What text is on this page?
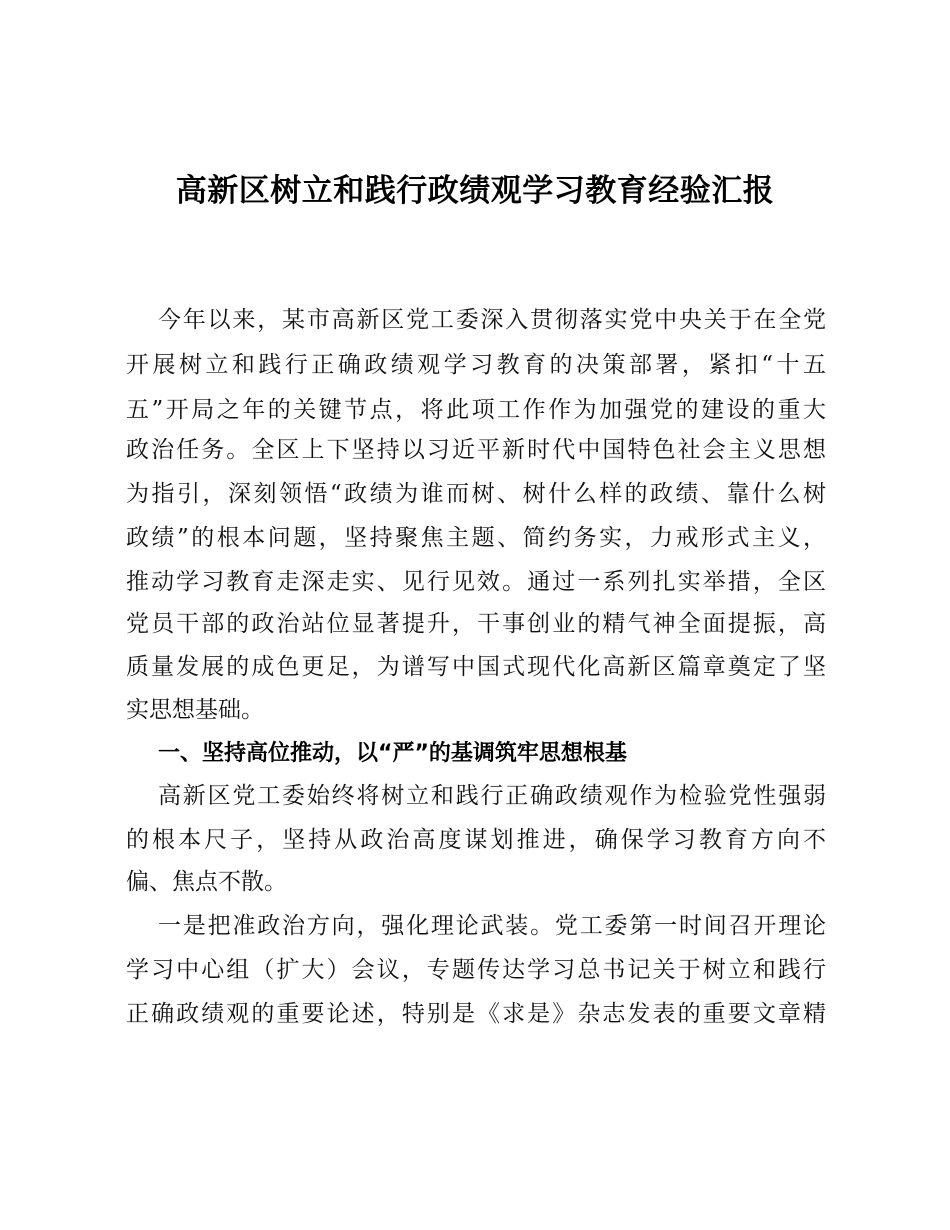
高新区树立和践行政绩观学习教育经验汇报
今年以来，某市高新区党工委深入贯彻落实党中央关于在全党
开展树立和践行正确政绩观学习教育的决策部署，紧扣“十五
五”开局之年的关键节点，将此项工作作为加强党的建设的重大
政治任务。全区上下坚持以习近平新时代中国特色社会主义思想
为指引，深刻领悟“政绩为谁而树、树什么样的政绩、靠什么树
政绩”的根本问题，坚持聚焦主题、简约务实，力戒形式主义，
推动学习教育走深走实、见行见效。通过一系列扎实举措，全区
党员干部的政治站位显著提升，干事创业的精气神全面提振，高
质量发展的成色更足，为谱写中国式现代化高新区篇章奠定了坚
实思想基础。
一、坚持高位推动，以“严”的基调筑牢思想根基
高新区党工委始终将树立和践行正确政绩观作为检验党性强弱
的根本尺子，坚持从政治高度谋划推进，确保学习教育方向不
偏、焦点不散。
一是把准政治方向，强化理论武装。党工委第一时间召开理论
学习中心组（扩大）会议，专题传达学习总书记关于树立和践行
正确政绩观的重要论述，特别是《求是》杂志发表的重要文章精
